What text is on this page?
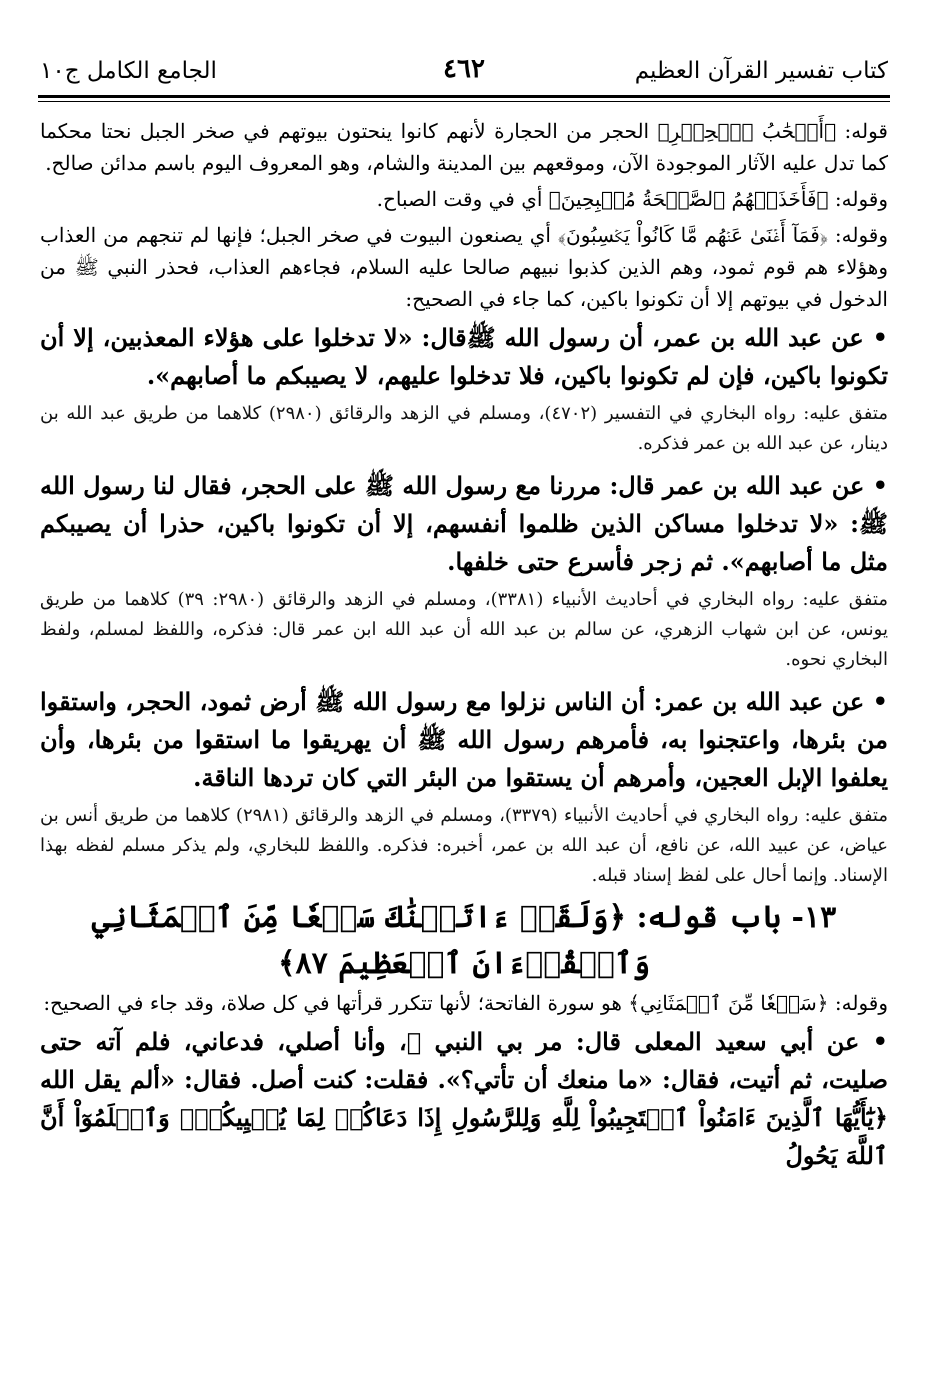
كتاب تفسير القرآن العظيم
٤٦٢
الجامع الكامل ج١٠

قوله: ﴿أَصۡحَٰبُ ٱلۡحِجۡرِ﴾ الحجر من الحجارة لأنهم كانوا ينحتون بيوتهم في صخر الجبل نحتا محكما كما تدل عليه الآثار الموجودة الآن، وموقعهم بين المدينة والشام، وهو المعروف اليوم باسم مدائن صالح.

وقوله: ﴿فَأَخَذَتۡهُمُ ٱلصَّيۡحَةُ مُصۡبِحِينَ﴾ أي في وقت الصباح.

وقوله: ﴿فَمَآ أَغۡنَىٰ عَنۡهُم مَّا كَانُواْ يَكۡسِبُونَ﴾ أي يصنعون البيوت في صخر الجبل؛ فإنها لم تنجهم من العذاب وهؤلاء هم قوم ثمود، وهم الذين كذبوا نبيهم صالحا عليه السلام، فجاءهم العذاب، فحذر النبي ﷺ من الدخول في بيوتهم إلا أن تكونوا باكين، كما جاء في الصحيح:

• عن عبد الله بن عمر، أن رسول الله ﷺقال: «لا تدخلوا على هؤلاء المعذبين، إلا أن تكونوا باكين، فإن لم تكونوا باكين، فلا تدخلوا عليهم، لا يصيبكم ما أصابهم».

متفق عليه: رواه البخاري في التفسير (٤٧٠٢)، ومسلم في الزهد والرقائق (٢٩٨٠) كلاهما من طريق عبد الله بن دينار، عن عبد الله بن عمر فذكره.

• عن عبد الله بن عمر قال: مررنا مع رسول الله ﷺ على الحجر، فقال لنا رسول الله ﷺ: «لا تدخلوا مساكن الذين ظلموا أنفسهم، إلا أن تكونوا باكين، حذرا أن يصيبكم مثل ما أصابهم». ثم زجر فأسرع حتى خلفها.

متفق عليه: رواه البخاري في أحاديث الأنبياء (٣٣٨١)، ومسلم في الزهد والرقائق (٢٩٨٠: ٣٩) كلاهما من طريق يونس، عن ابن شهاب الزهري، عن سالم بن عبد الله أن عبد الله ابن عمر قال: فذكره، واللفظ لمسلم، ولفظ البخاري نحوه.

• عن عبد الله بن عمر: أن الناس نزلوا مع رسول الله ﷺ أرض ثمود، الحجر، واستقوا من بئرها، واعتجنوا به، فأمرهم رسول الله ﷺ أن يهريقوا ما استقوا من بئرها، وأن يعلفوا الإبل العجين، وأمرهم أن يستقوا من البئر التي كان تردها الناقة.

متفق عليه: رواه البخاري في أحاديث الأنبياء (٣٣٧٩)، ومسلم في الزهد والرقائق (٢٩٨١) كلاهما من طريق أنس بن عياض، عن عبيد الله، عن نافع، أن عبد الله بن عمر، أخبره: فذكره. واللفظ للبخاري، ولم يذكر مسلم لفظه بهذا الإسناد. وإنما أحال على لفظ إسناد قبله.

١٣- باب قوله: ﴿وَلَقَدۡ ءَاتَيۡنَٰكَ سَبۡعٗا مِّنَ ٱلۡمَثَانِي وَٱلۡقُرۡءَانَ ٱلۡعَظِيمَ ٨٧﴾

وقوله: ﴿سَبۡعٗا مِّنَ ٱلۡمَثَانِي﴾ هو سورة الفاتحة؛ لأنها تتكرر قرأتها في كل صلاة، وقد جاء في الصحيح:

• عن أبي سعيد المعلى قال: مر بي النبي ﷺ، وأنا أصلي، فدعاني، فلم آته حتى صليت، ثم أتيت، فقال: «ما منعك أن تأتي؟». فقلت: كنت أصل. فقال: «ألم يقل الله ﴿يَٰٓأَيُّهَا ٱلَّذِينَ ءَامَنُواْ ٱسۡتَجِيبُواْ لِلَّهِ وَلِلرَّسُولِ إِذَا دَعَاكُمۡ لِمَا يُحۡيِيكُمۡۖ وَٱعۡلَمُوٓاْ أَنَّ ٱللَّهَ يَحُولُ
